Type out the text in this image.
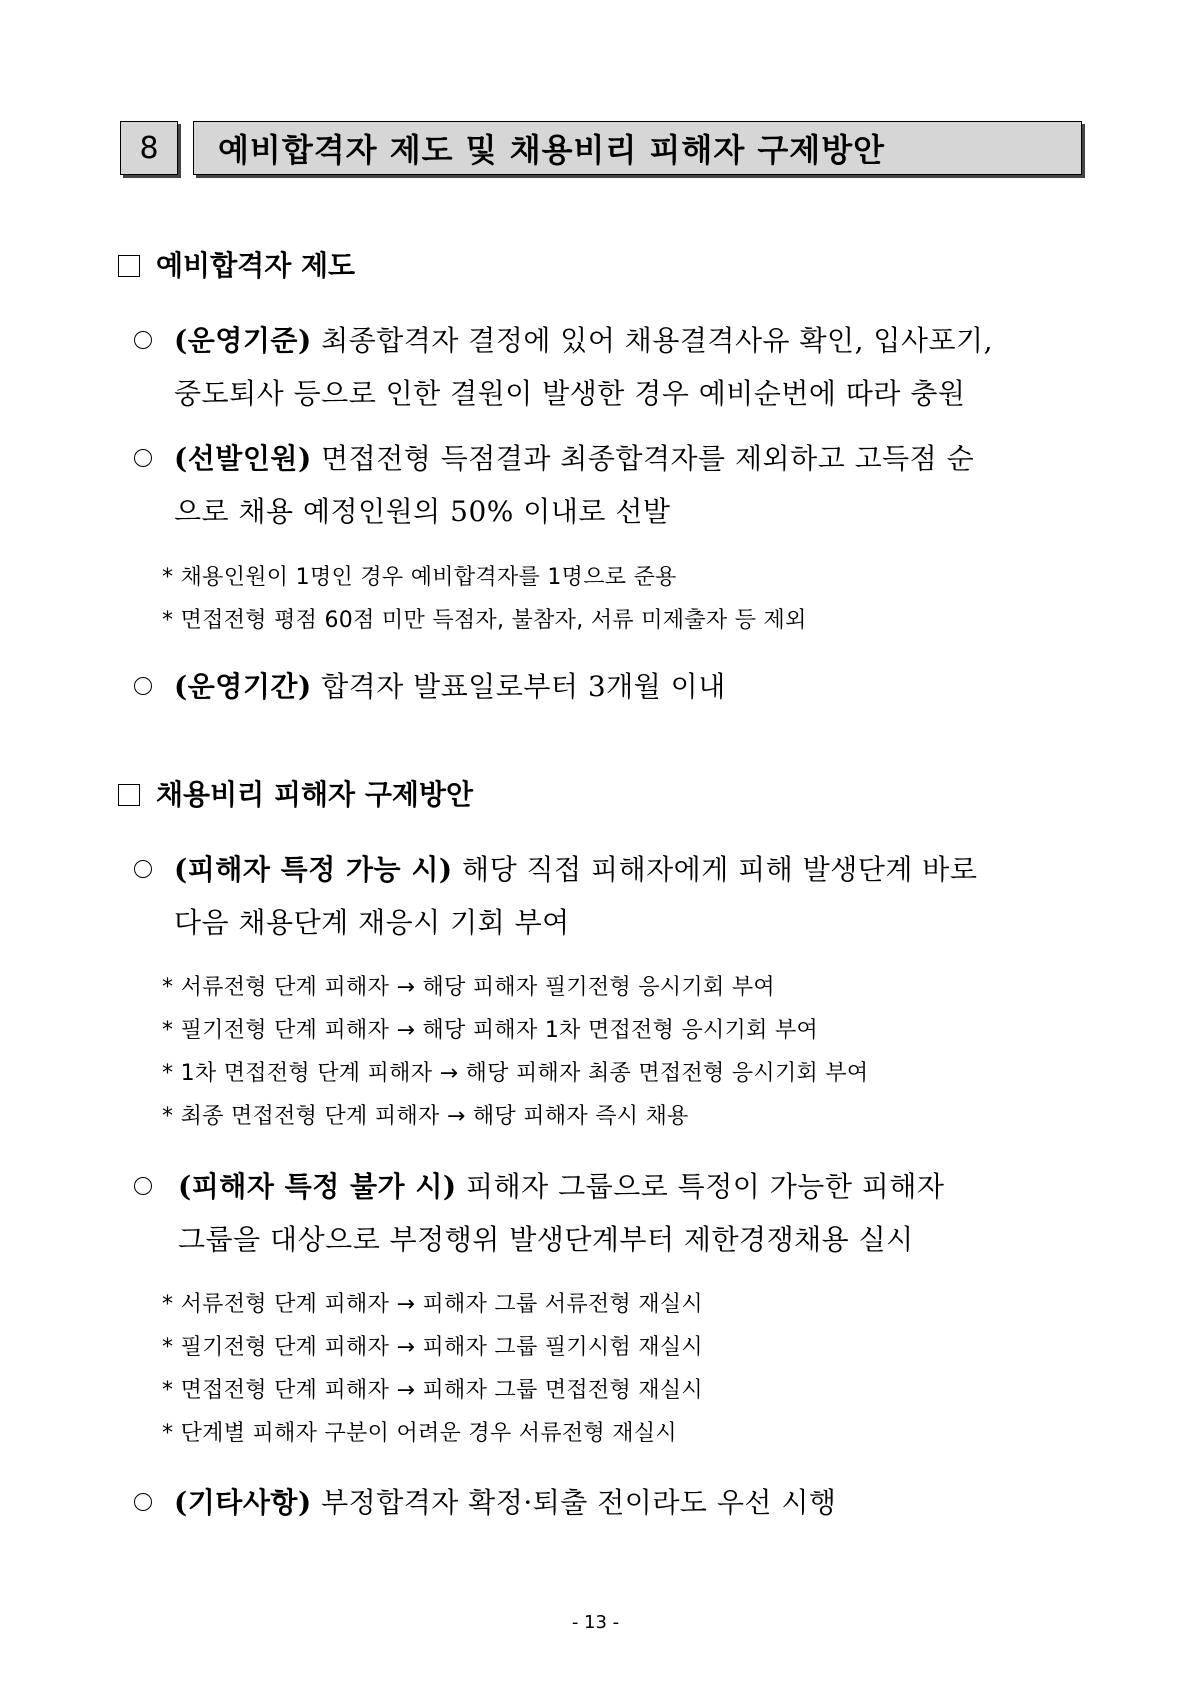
8 예비합격자 제도 및 채용비리 피해자 구제방안
예비합격자 제도
(운영기준) 최종합격자 결정에 있어 채용결격사유 확인, 입사포기,
중도퇴사 등으로 인한 결원이 발생한 경우 예비순번에 따라 충원
(선발인원) 면접전형 득점결과 최종합격자를 제외하고 고득점 순
으로 채용 예정인원의 50% 이내로 선발
* 채용인원이 1명인 경우 예비합격자를 1명으로 준용
* 면접전형 평점 60점 미만 득점자, 불참자, 서류 미제출자 등 제외
(운영기간) 합격자 발표일로부터 3개월 이내
채용비리 피해자 구제방안
(피해자 특정 가능 시) 해당 직접 피해자에게 피해 발생단계 바로
다음 채용단계 재응시 기회 부여
* 서류전형 단계 피해자 → 해당 피해자 필기전형 응시기회 부여
* 필기전형 단계 피해자 → 해당 피해자 1차 면접전형 응시기회 부여
* 1차 면접전형 단계 피해자 → 해당 피해자 최종 면접전형 응시기회 부여
* 최종 면접전형 단계 피해자 → 해당 피해자 즉시 채용
(피해자 특정 불가 시) 피해자 그룹으로 특정이 가능한 피해자
그룹을 대상으로 부정행위 발생단계부터 제한경쟁채용 실시
* 서류전형 단계 피해자 → 피해자 그룹 서류전형 재실시
* 필기전형 단계 피해자 → 피해자 그룹 필기시험 재실시
* 면접전형 단계 피해자 → 피해자 그룹 면접전형 재실시
* 단계별 피해자 구분이 어려운 경우 서류전형 재실시
(기타사항) 부정합격자 확정·퇴출 전이라도 우선 시행
- 13 -
